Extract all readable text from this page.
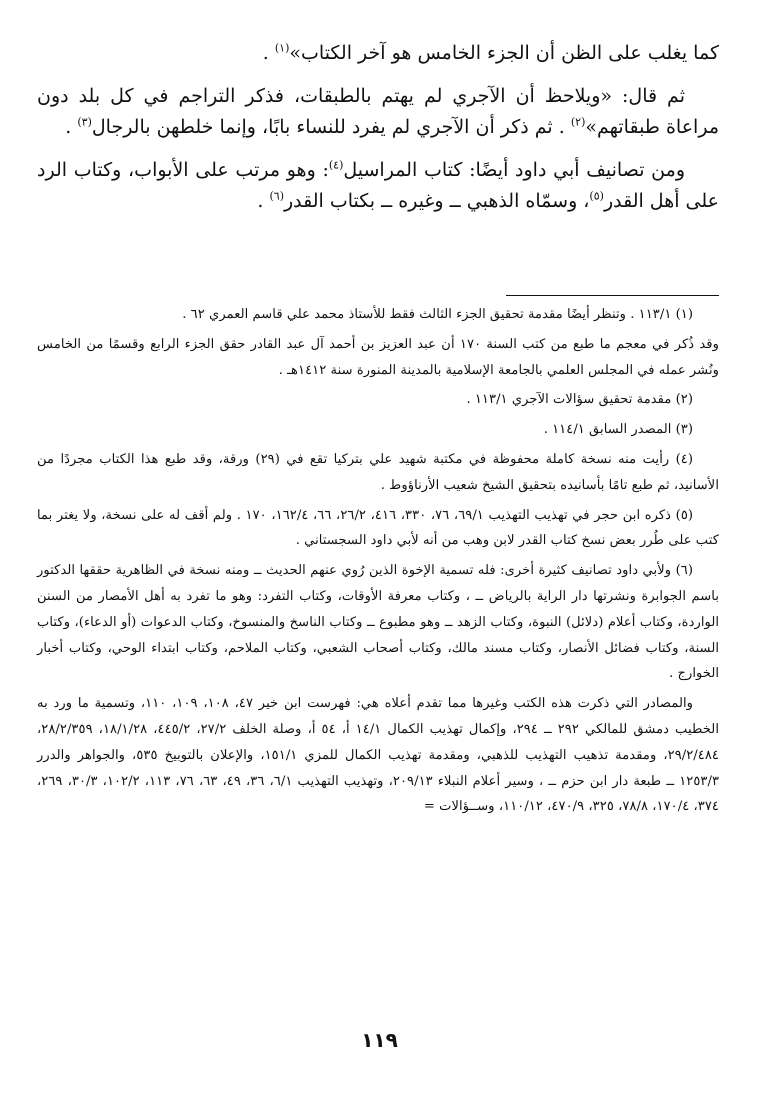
كما يغلب على الظن أن الجزء الخامس هو آخر الكتاب»$^{(١)}$ .

ثم قال: «ويلاحظ أن الآجري لم يهتم بالطبقات، فذكر التراجم في كل بلد دون مراعاة طبقاتهم»$^{(٢)}$ . ثم ذكر أن الآجري لم يفرد للنساء بابًا، وإنما خلطهن بالرجال$^{(٣)}$ .

ومن تصانيف أبي داود أيضًا: كتاب المراسيل$^{(٤)}$: وهو مرتب على الأبواب، وكتاب الرد على أهل القدر$^{(٥)}$، وسمّاه الذهبي ــ وغيره ــ بكتاب القدر$^{(٦)}$ .

(١) ١١٣/١ . وتنظر أيضًا مقدمة تحقيق الجزء الثالث فقط للأستاذ محمد علي قاسم العمري ٦٢ .

وقد ذُكر في معجم ما طبع من كتب السنة ١٧٠ أن عبد العزيز بن أحمد آل عبد القادر حقق الجزء الرابع وقسمًا من الخامس ونُشر عمله في المجلس العلمي بالجامعة الإسلامية بالمدينة المنورة سنة ١٤١٢هـ .

(٢) مقدمة تحقيق سؤالات الآجري ١١٣/١ .

(٣) المصدر السابق ١١٤/١ .

(٤) رأيت منه نسخة كاملة محفوظة في مكتبة شهيد علي بتركيا تقع في (٢٩) ورقة، وقد طبع هذا الكتاب مجردًا من الأسانيد، ثم طبع تامًا بأسانيده بتحقيق الشيخ شعيب الأرناؤوط .

(٥) ذكره ابن حجر في تهذيب التهذيب ٦٩/١، ٧٦، ٣٣٠، ٤١٦، ٢٦/٢، ٦٦، ١٦٢/٤، ١٧٠ . ولم أقف له على نسخة، ولا يغتر بما كتب على طُرر بعض نسخ كتاب القدر لابن وهب من أنه لأبي داود السجستاني .

(٦) ولأبي داود تصانيف كثيرة أخرى: فله تسمية الإخوة الذين رُوي عنهم الحديث ــ ومنه نسخة في الظاهرية حققها الدكتور باسم الجوابرة ونشرتها دار الراية بالرياض ــ ، وكتاب معرفة الأوقات، وكتاب التفرد: وهو ما تفرد به أهل الأمصار من السنن الواردة، وكتاب أعلام (دلائل) النبوة، وكتاب الزهد ــ وهو مطبوع ــ وكتاب الناسخ والمنسوخ، وكتاب الدعوات (أو الدعاء)، وكتاب السنة، وكتاب فضائل الأنصار، وكتاب مسند مالك، وكتاب أصحاب الشعبي، وكتاب الملاحم، وكتاب ابتداء الوحي، وكتاب أخبار الخوارج .

والمصادر التي ذكرت هذه الكتب وغيرها مما تقدم أعلاه هي: فهرست ابن خير ٤٧، ١٠٨، ١٠٩، ١١٠، وتسمية ما ورد به الخطيب دمشق للمالكي ٢٩٢ ــ ٢٩٤، وإكمال تهذيب الكمال ١٤/١ أ، ٥٤ أ، وصلة الخلف ٢٧/٢، ٤٤٥/٢، ١٨/١/٢٨، ٢٨/٢/٣٥٩، ٢٩/٢/٤٨٤، ومقدمة تذهيب التهذيب للذهبي، ومقدمة تهذيب الكمال للمزي ١٥١/١، والإعلان بالتوبيخ ٥٣٥، والجواهر والدرر ١٢٥٣/٣ ــ طبعة دار ابن حزم ــ ، وسير أعلام النبلاء ٢٠٩/١٣، وتهذيب التهذيب ٦/١، ٣٦، ٤٩، ٦٣، ٧٦، ١١٣، ١٠٢/٢، ٣٠/٣، ٢٦٩، ٣٧٤، ١٧٠/٤، ٧٨/٨، ٣٢٥، ٤٧٠/٩، ١١٠/١٢، وســؤالات =

١١٩
